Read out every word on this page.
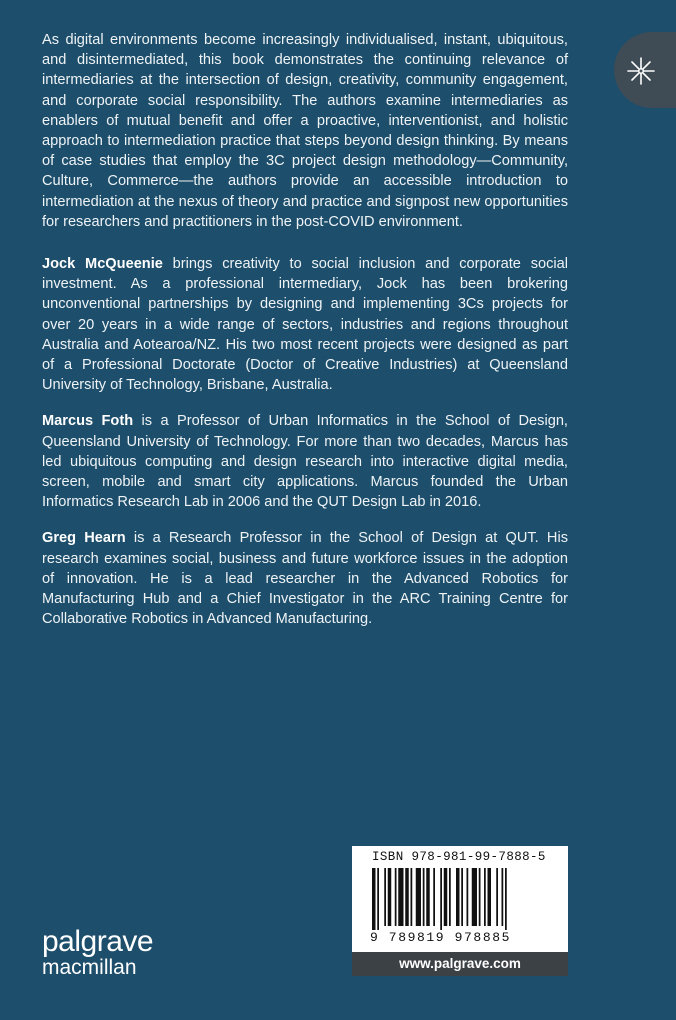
As digital environments become increasingly individualised, instant, ubiquitous, and disintermediated, this book demonstrates the continuing relevance of intermediaries at the intersection of design, creativity, community engagement, and corporate social responsibility. The authors examine intermediaries as enablers of mutual benefit and offer a proactive, interventionist, and holistic approach to intermediation practice that steps beyond design thinking. By means of case studies that employ the 3C project design methodology—Community, Culture, Commerce—the authors provide an accessible introduction to intermediation at the nexus of theory and practice and signpost new opportunities for researchers and practitioners in the post-COVID environment.

Jock McQueenie brings creativity to social inclusion and corporate social investment. As a professional intermediary, Jock has been brokering unconventional partnerships by designing and implementing 3Cs projects for over 20 years in a wide range of sectors, industries and regions throughout Australia and Aotearoa/NZ. His two most recent projects were designed as part of a Professional Doctorate (Doctor of Creative Industries) at Queensland University of Technology, Brisbane, Australia.

Marcus Foth is a Professor of Urban Informatics in the School of Design, Queensland University of Technology. For more than two decades, Marcus has led ubiquitous computing and design research into interactive digital media, screen, mobile and smart city applications. Marcus founded the Urban Informatics Research Lab in 2006 and the QUT Design Lab in 2016.

Greg Hearn is a Research Professor in the School of Design at QUT. His research examines social, business and future workforce issues in the adoption of innovation. He is a lead researcher in the Advanced Robotics for Manufacturing Hub and a Chief Investigator in the ARC Training Centre for Collaborative Robotics in Advanced Manufacturing.

palgrave
macmillan
ISBN 978-981-99-7888-5
9 789819 978885
www.palgrave.com
